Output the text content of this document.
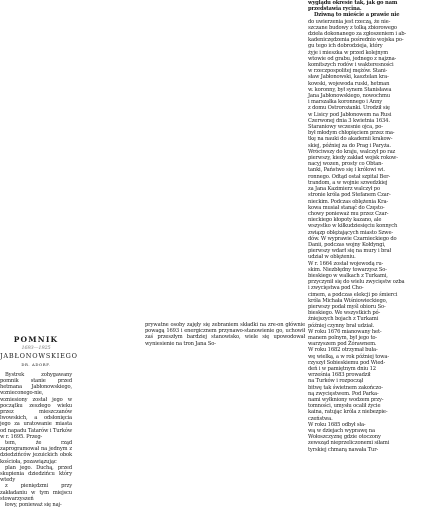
wyglądu okresie tak, jak go nam
przedstawia rycina.
Dziwną to mieście a prawie nie
do uwierzenia jest rzeczą, że nie-
szczane budowy z tolką zbiorowego
dzieła dokonanego za zgłoszeniem i ab-
kadeniczędzenia pośrednio wojska po-
gu tego ich dobrodzieja, który
żyje i mieszka w przed kolejnym
wtowie od grabu, jednego z najzna-
komitszych rodów i wakteresności
w rzeczpospolitej mężów. Stani-
sław Jabłonowski, kasztelan kra-
kowski, wojewoda ruski, hetman
w. koronny, był synem Stanisława
Jana Jabłonowskiego, nowochmu
i marszałka koronnego i Anny
z domu Ostrorożanki. Urodził się
w Lisicy pod Jabłonowem na Rusi
Czerwonej dnia 3 kwietnia 1634.
Staraniowy wczesnie ojca, po-
był młodym chłopięciem przez ma-
tkę na nauki do akademii krakow-
skiej, później za do Prag i Paryża.
Wróciwszy do kraju, walczył po raz
pierwszy, kiedy zakład wojsk rokow-
nacyj wozen, prosty co Obtan-
tanki, Państwo się i królowi wi.
ronnego. Odtąd ostał szpital Ber-
trandom, a w wojnie szwedzkiej
za Jana Kazimierz walczył po
stronie króla pod Stefanem Czar-
nieckim. Podczas oblężenia Kra-
kowa musiał stanąć do Często-
chowy ponieważ mu przez Czar-
nieckiego kłopoty kazano, ale
wszystko w kiłkudziesięciu konnych
związp oblężających miasto Szwe-
dów. W wyprawie Czarnieckiego do
Danii, podczas wojny Kołdyngi,
pierwszy wdarł się na mury i brał
udział w oblężeniu.
W r. 1664 został wojewodą ru-
skim. Niezbłędny towarzysz So-
bieskiego w walkach z Turkami,
przyczynił się do wielu zwycięstw ozba
i zwycięstwa pod Cho-
cimem, a podczas elekcji po śmierci
króla Michała Wiśniowieckiego,
pierwszy podał myśl obioru So-
bieskiego. We wszystkich pó-
źniejszych bojach z Turkami
później czynny brał udział.
W roku 1676 mianowany het-
manem polnym, był jego to-
warzyszem pod Żórawnem.
W roku 1682 otrzymał buła-
wę wielką, a w rok później towa-
rzyszył Sobieskiemu pod Wied-
deń i w pamiętnym dniu 12
września 1683 prowadził
na Turków i rozpoczął
bitwę tak świetnem zakończo-
ną zwycięstwem. Pod Parka-
nami wyłkniony wodzem przy-
tomności, umysłu ocalił życie
kaina, ratując króla z niebezpie-
czeństwa.
W roku 1685 odbył sła-
wą w dziejach wyprawę na
Wołoszczyznę gdzie otoczony
zewsząd nieprzeliczonemi siłami
tyrskiej chmarą nawała Tur-

prywatne osoby zajęły się zebraniem składki na zre-on głównie powagą 1693 i energicznem przynawo-stanowienie go, uchowił zaś przeszłym bardziej stanowisko, wiele się upowodował wyniesienie na tron Jana So-

POMNIK
1693—1925
JABŁONOWSKIEGO
DR. ADORF.

Bystrek zohygawany pomnik stanie przed hetmana Jabłonowskiego, wznieconego-nie, wzniesiony został jego w początku zeszłego wieku przez mieszczanów lwowskich, a odsłonięcia jego za uratowanie miasta od napadu Tatarów i Turków w r. 1695. Przeg-

tem, że rząd zaprogramował na jednym z dziedzińców jezuickich obok kościoła, pozawiązując

plan jego. Duchą, przed skupienia dziedzińcu który wtedy

z pieniędzmi przy zakładaniu w tym miejscu stowarzyszeń

łowy, ponieważ się naj-
